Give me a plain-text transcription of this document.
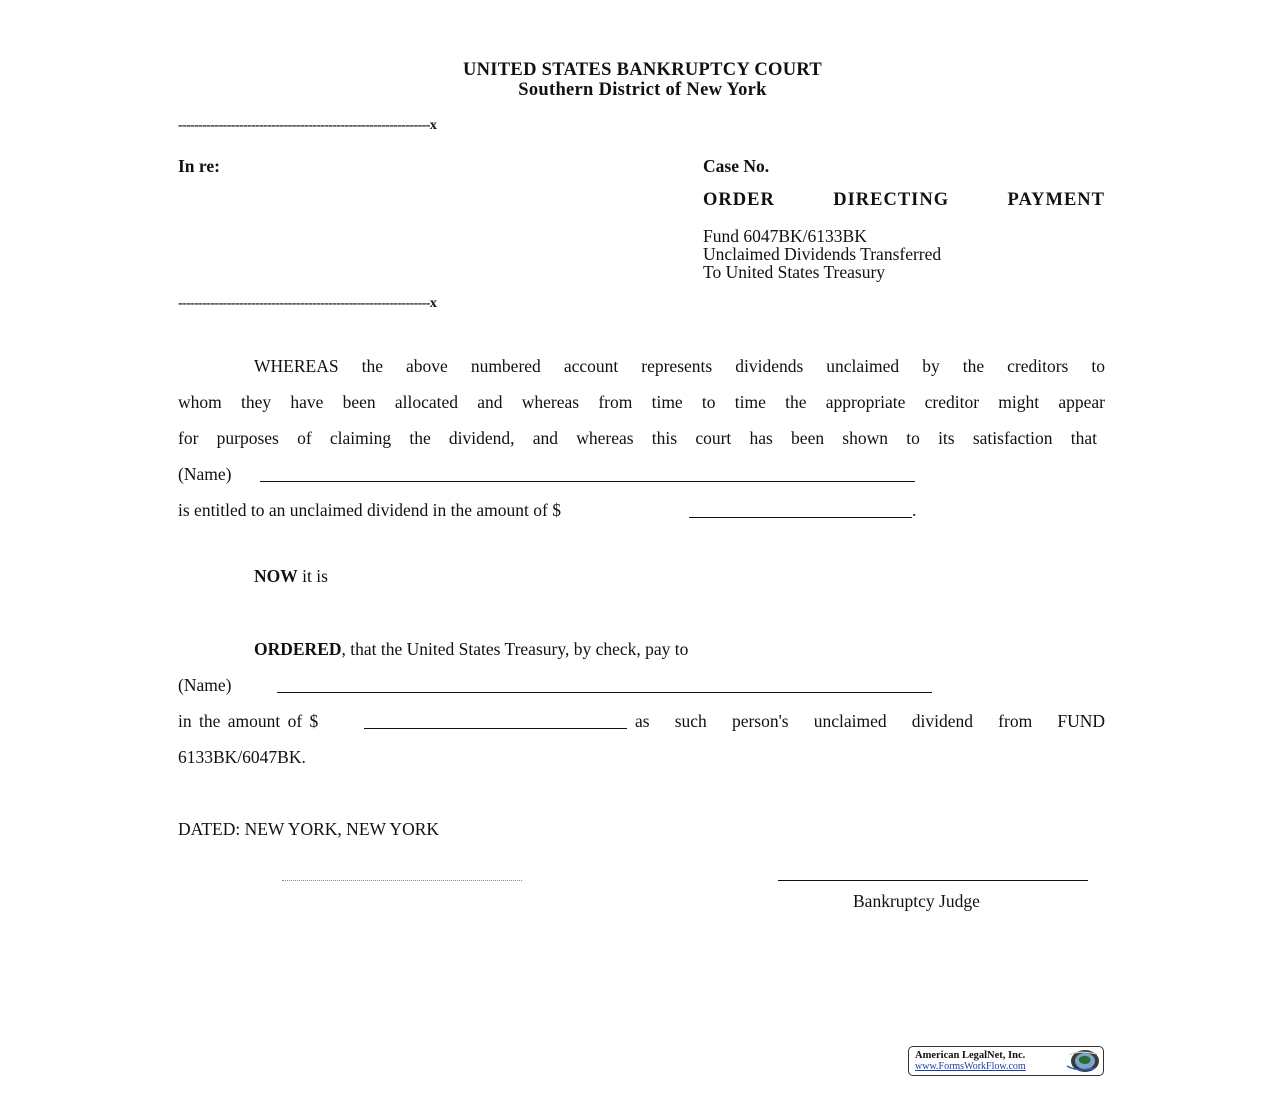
UNITED STATES BANKRUPTCY COURT
Southern District of New York
--------------------------------------------------------------x
In re:	Case No.
ORDER	DIRECTING	PAYMENT
Fund 6047BK/6133BK
Unclaimed Dividends Transferred
To United States Treasury
--------------------------------------------------------------x
WHEREAS the above numbered account represents dividends unclaimed by the creditors to
whom they have been allocated and whereas from time to time the appropriate creditor might appear
for purposes of claiming the dividend, and whereas this court has been shown to its satisfaction that
(Name)
is entitled to an unclaimed dividend in the amount of $	.
NOW it is
ORDERED, that the United States Treasury, by check, pay to
(Name)
in the amount of $	as such person's unclaimed dividend from FUND
6133BK/6047BK.
DATED: NEW YORK, NEW YORK
Bankruptcy Judge
American LegalNet, Inc.
www.FormsWorkFlow.com
